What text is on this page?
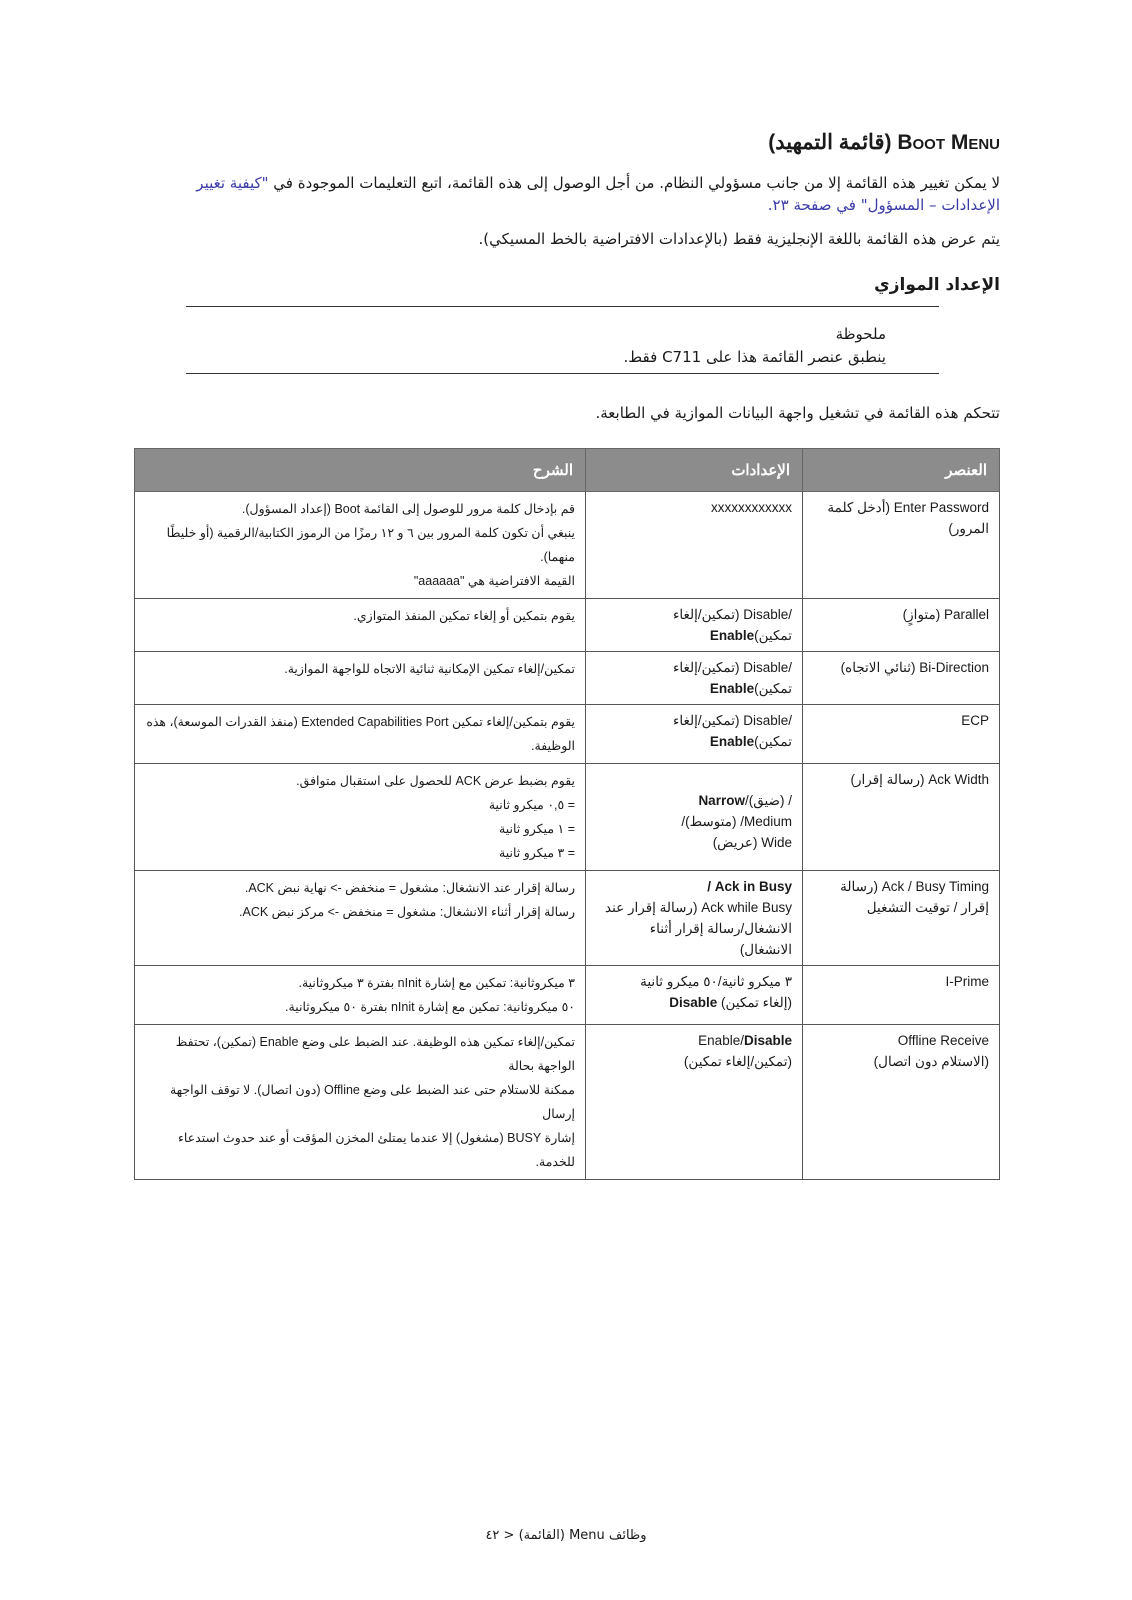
Boot Menu (قائمة التمهيد)
لا يمكن تغيير هذه القائمة إلا من جانب مسؤولي النظام. من أجل الوصول إلى هذه القائمة، اتبع التعليمات الموجودة في "كيفية تغيير الإعدادات – المسؤول" في صفحة ٢٣.
يتم عرض هذه القائمة باللغة الإنجليزية فقط (بالإعدادات الافتراضية بالخط المسيكي).
الإعداد الموازي
ملحوظة
ينطبق عنصر القائمة هذا على C711 فقط.
تتحكم هذه القائمة في تشغيل واجهة البيانات الموازية في الطابعة.
العنصر	الإعدادات	الشرح

Enter Password (أدخل كلمة
المرور)	xxxxxxxxxxxx	قم بإدخال كلمة مرور للوصول إلى القائمة Boot (إعداد المسؤول).
ينبغي أن تكون كلمة المرور بين ٦ و ١٢ رمزًا من الرموز الكتابية/الرقمية (أو خليطًا منهما).
القيمة الافتراضية هي "aaaaaa"

Parallel (متوازٍ)	/Disable (تمكين/إلغاء تمكين)Enable	يقوم بتمكين أو إلغاء تمكين المنفذ المتوازي.

Bi-Direction (ثنائي الاتجاه)	/Disable (تمكين/إلغاء تمكين)Enable	تمكين/إلغاء تمكين الإمكانية ثنائية الاتجاه للواجهة الموازية.

ECP	/Disable (تمكين/إلغاء تمكين)Enable	يقوم بتمكين/إلغاء تمكين Extended Capabilities Port (منفذ القدرات الموسعة)، هذه الوظيفة.

Ack Width (رسالة إقرار)	/ (ضيق)/Narrow
Medium/ (متوسط)/
Wide (عريض)	يقوم بضبط عرض ACK للحصول على استقبال متوافق.
= ٠,٥ ميكرو ثانية
= ١ ميكرو ثانية
= ٣ ميكرو ثانية

Ack / Busy Timing (رسالة
إقرار / توقيت التشغيل	Ack in Busy /
Ack while Busy (رسالة إقرار عند
الانشغال/رسالة إقرار أثناء الانشغال)	رسالة إقرار عند الانشغال: مشغول = منخفض -> نهاية نبض ACK.
رسالة إقرار أثناء الانشغال: مشغول = منخفض -> مركز نبض ACK.

I-Prime	٣ ميكرو ثانية/٥٠ ميكرو ثانية
(إلغاء تمكين) Disable	٣ ميكروثانية: تمكين مع إشارة nInit بفترة ٣ ميكروثانية.
٥٠ ميكروثانية: تمكين مع إشارة nInit بفترة ٥٠ ميكروثانية.

Offline Receive
(الاستلام دون اتصال)	Enable/Disable
(تمكين/إلغاء تمكين)	تمكين/إلغاء تمكين هذه الوظيفة. عند الضبط على وضع Enable (تمكين)، تحتفظ الواجهة بحالة
ممكنة للاستلام حتى عند الضبط على وضع Offline (دون اتصال). لا توقف الواجهة إرسال
إشارة BUSY (مشغول) إلا عندما يمتلئ المخزن المؤقت أو عند حدوث استدعاء للخدمة.
وظائف Menu (القائمة) < ٤٢
